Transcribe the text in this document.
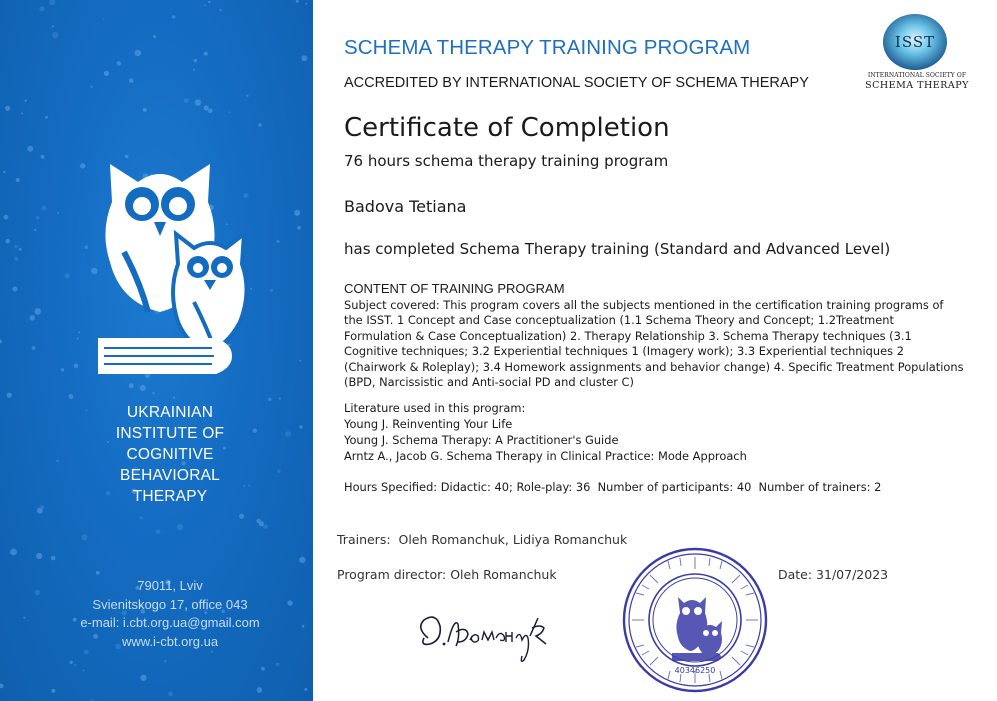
UKRAINIAN
INSTITUTE OF
COGNITIVE
BEHAVIORAL
THERAPY
79011, Lviv
Svienitskogo 17, office 043
e-mail: i.cbt.org.ua@gmail.com
www.i-cbt.org.ua
SCHEMA THERAPY TRAINING PROGRAM
ACCREDITED BY INTERNATIONAL SOCIETY OF SCHEMA THERAPY
ISST
INTERNATIONAL SOCIETY OF
SCHEMA THERAPY
Certificate of Completion
76 hours schema therapy training program
Badova Tetiana
has completed Schema Therapy training (Standard and Advanced Level)
CONTENT OF TRAINING PROGRAM
Subject covered: This program covers all the subjects mentioned in the certification training programs of the ISST. 1 Concept and Case conceptualization (1.1 Schema Theory and Concept; 1.2Treatment Formulation & Case Conceptualization) 2. Therapy Relationship 3. Schema Therapy techniques (3.1 Cognitive techniques; 3.2 Experiential techniques 1 (Imagery work); 3.3 Experiential techniques 2 (Chairwork & Roleplay); 3.4 Homework assignments and behavior change) 4. Specific Treatment Populations (BPD, Narcissistic and Anti-social PD and cluster C)
Literature used in this program:
Young J. Reinventing Your Life
Young J. Schema Therapy: A Practitioner's Guide
Arntz A., Jacob G. Schema Therapy in Clinical Practice: Mode Approach
Hours Specified: Didactic: 40; Role-play: 36  Number of participants: 40  Number of trainers: 2
Trainers:  Oleh Romanchuk, Lidiya Romanchuk
Program director: Oleh Romanchuk	Date: 31/07/2023
40346250
